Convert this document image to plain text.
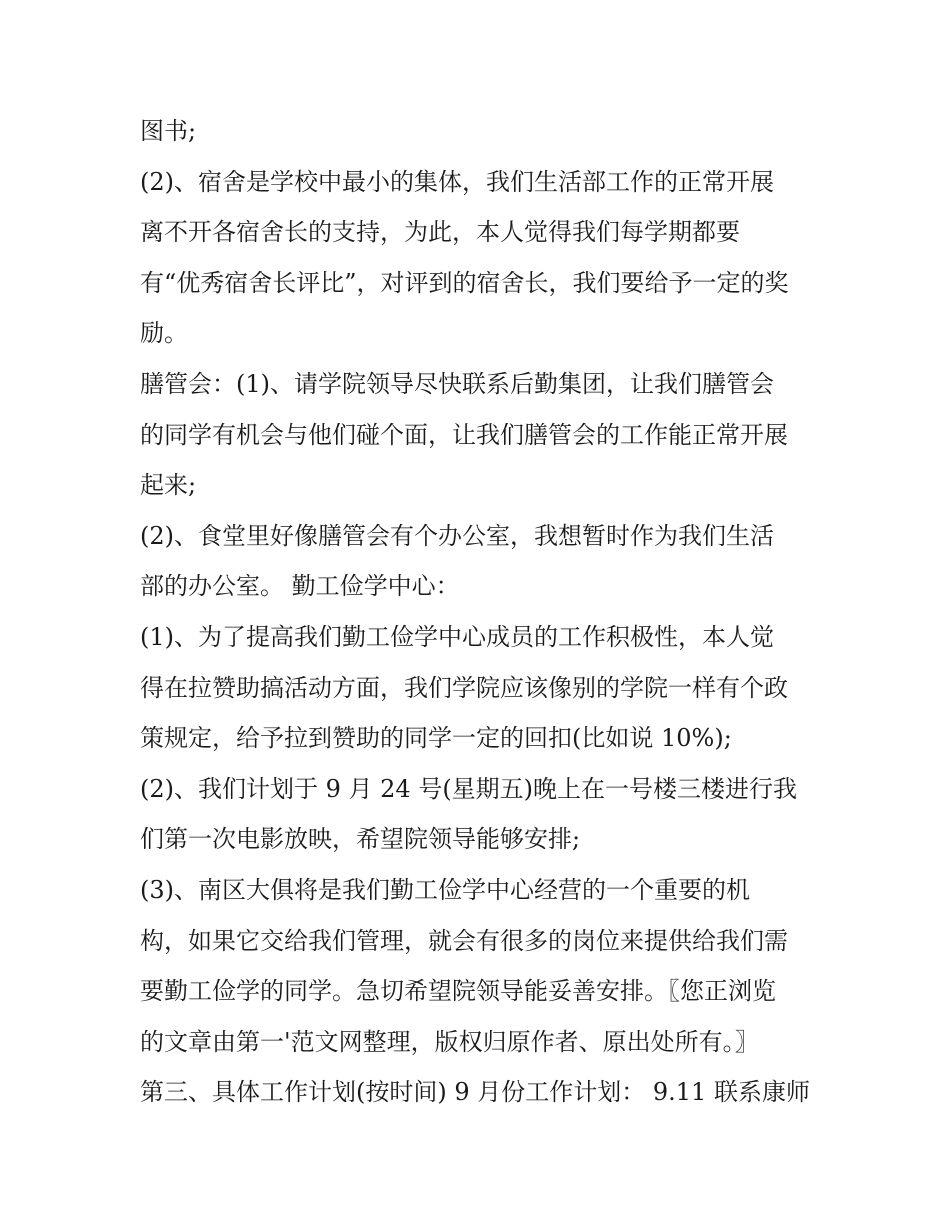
图书;
(2)、宿舍是学校中最小的集体，我们生活部工作的正常开展
离不开各宿舍长的支持，为此，本人觉得我们每学期都要
有“优秀宿舍长评比”，对评到的宿舍长，我们要给予一定的奖
励。
膳管会：(1)、请学院领导尽快联系后勤集团，让我们膳管会
的同学有机会与他们碰个面，让我们膳管会的工作能正常开展
起来;
(2)、食堂里好像膳管会有个办公室，我想暂时作为我们生活
部的办公室。 勤工俭学中心：
(1)、为了提高我们勤工俭学中心成员的工作积极性，本人觉
得在拉赞助搞活动方面，我们学院应该像别的学院一样有个政
策规定，给予拉到赞助的同学一定的回扣(比如说 10%);
(2)、我们计划于 9 月 24 号(星期五)晚上在一号楼三楼进行我
们第一次电影放映，希望院领导能够安排;
(3)、南区大俱将是我们勤工俭学中心经营的一个重要的机
构，如果它交给我们管理，就会有很多的岗位来提供给我们需
要勤工俭学的同学。急切希望院领导能妥善安排。〖您正浏览
的文章由第一'范文网整理，版权归原作者、原出处所有。〗
第三、具体工作计划(按时间) 9 月份工作计划： 9.11 联系康师
